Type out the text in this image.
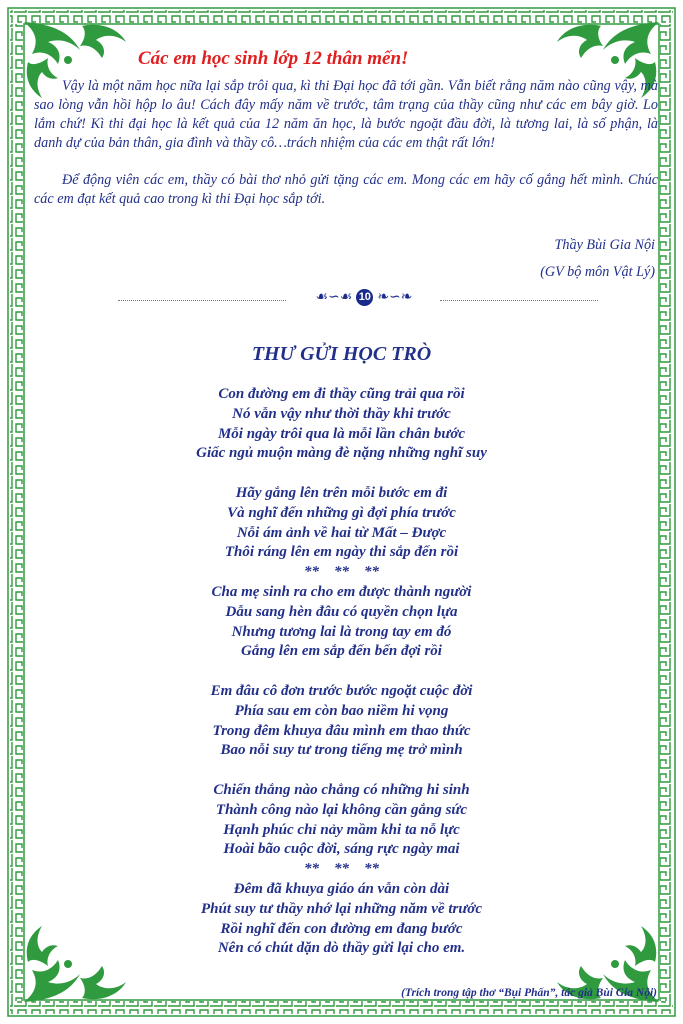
Các em học sinh lớp 12 thân mến!

Vậy là một năm học nữa lại sắp trôi qua, kì thi Đại học đã tới gần. Vẫn biết rằng năm nào cũng vậy, mà sao lòng vẫn hồi hộp lo âu! Cách đây mấy năm về trước, tâm trạng của thầy cũng như các em bây giờ. Lo lắm chứ! Kì thi đại học là kết quả của 12 năm ăn học, là bước ngoặt đầu đời, là tương lai, là số phận, là danh dự của bản thân, gia đình và thầy cô…trách nhiệm của các em thật rất lớn!

Để động viên các em, thầy có bài thơ nhỏ gửi tặng các em. Mong các em hãy cố gắng hết mình. Chúc các em đạt kết quả cao trong kì thi Đại học sắp tới.

Thầy Bùi Gia Nội
(GV bộ môn Vật Lý)
☙∽☙ 10 ❧∽❧
THƯ GỬI HỌC TRÒ
Con đường em đi thầy cũng trải qua rồi
Nó vẫn vậy như thời thầy khi trước
Mỗi ngày trôi qua là mỗi lần chân bước
Giấc ngủ muộn màng đè nặng những nghĩ suy
Hãy gắng lên trên mỗi bước em đi
Và nghĩ đến những gì đợi phía trước
Nỗi ám ảnh về hai từ Mất – Được
Thôi ráng lên em ngày thi sắp đến rồi
**    **    **
Cha mẹ sinh ra cho em được thành người
Dẫu sang hèn đâu có quyền chọn lựa
Nhưng tương lai là trong tay em đó
Gắng lên em sắp đến bến đợi rồi
Em đâu cô đơn trước bước ngoặt cuộc đời
Phía sau em còn bao niềm hi vọng
Trong đêm khuya đâu mình em thao thức
Bao nỗi suy tư trong tiếng mẹ trở mình
Chiến thắng nào chẳng có những hi sinh
Thành công nào lại không cần gắng sức
Hạnh phúc chỉ nảy mầm khi ta nỗ lực
Hoài bão cuộc đời, sáng rực ngày mai
**    **    **
Đêm đã khuya giáo án vẫn còn dài
Phút suy tư thầy nhớ lại những năm về trước
Rồi nghĩ đến con đường em đang bước
Nên có chút dặn dò thầy gửi lại cho em.
(Trích trong tập thơ “Bụi Phấn”, tác giả Bùi Gia Nội)
